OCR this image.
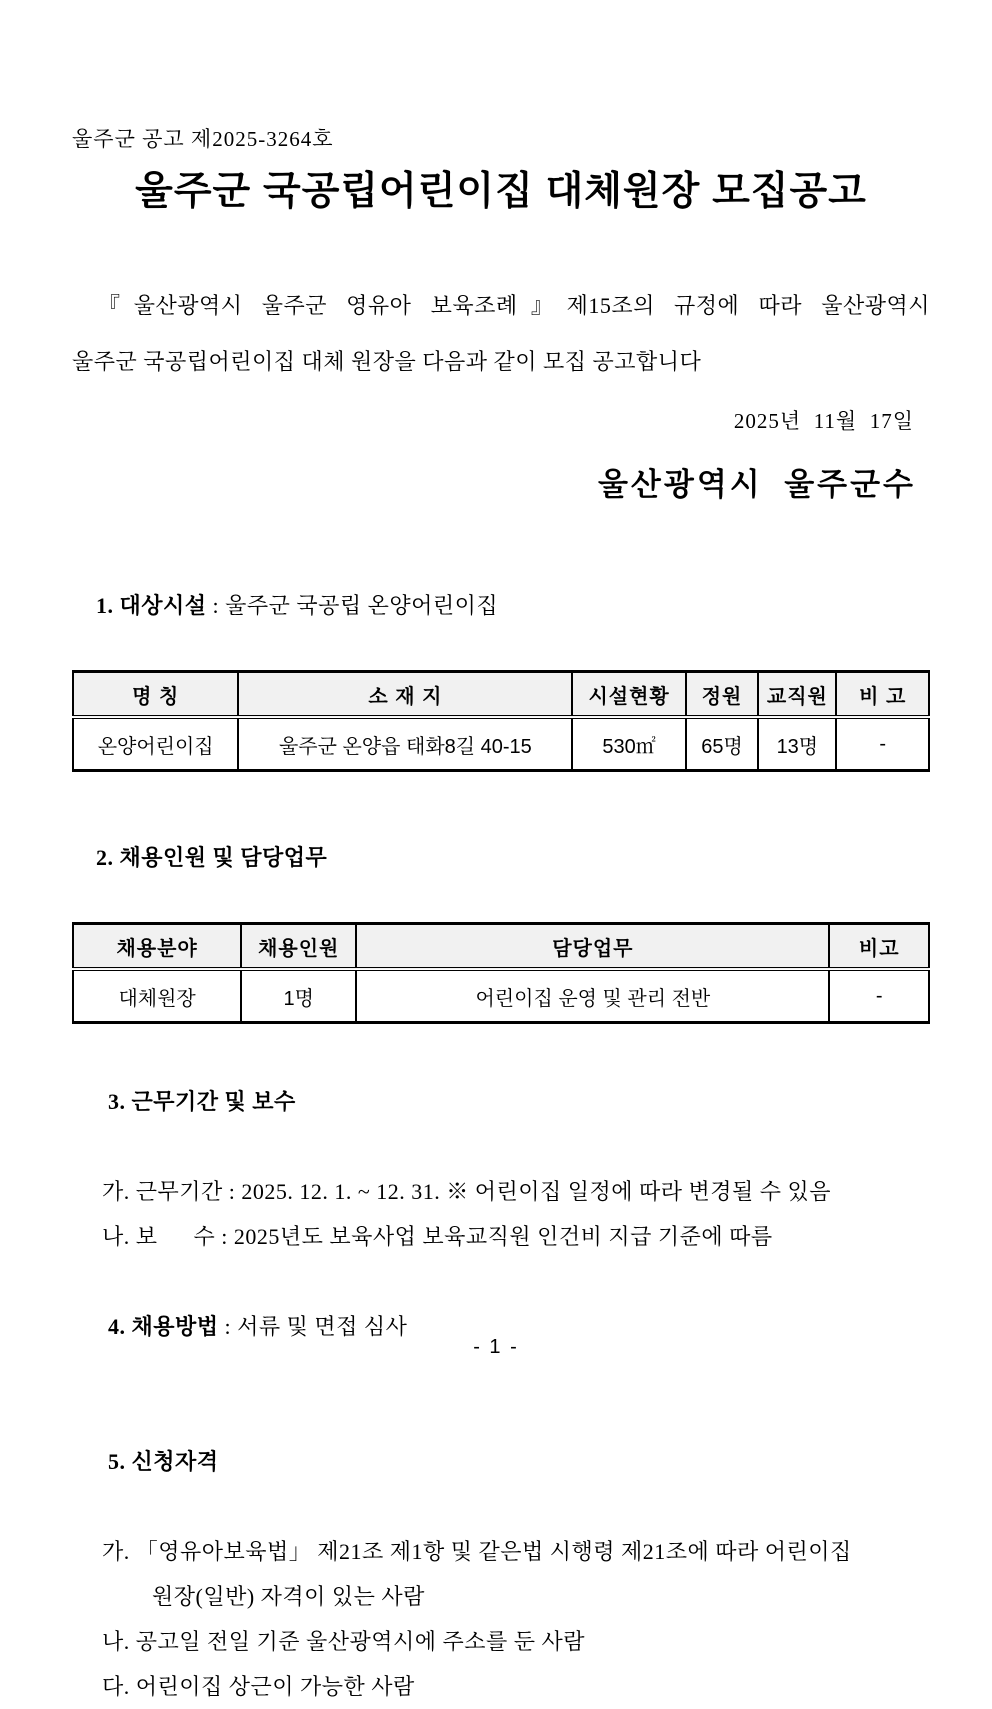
울주군 공고 제2025-3264호
울주군 국공립어린이집 대체원장 모집공고
『울산광역시 울주군 영유아 보육조례』제15조의 규정에 따라 울산광역시
울주군 국공립어린이집 대체 원장을 다음과 같이 모집 공고합니다
2025년  11월  17일
울산광역시  울주군수

1. 대상시설 : 울주군 국공립 온양어린이집

명 칭	소 재 지	시설현황	정원	교직원	비 고
온양어린이집	울주군 온양읍 태화8길 40-15	530㎡	65명	13명	-

2. 채용인원 및 담당업무

채용분야	채용인원	담당업무	비고
대체원장	1명	어린이집 운영 및 관리 전반	-

3. 근무기간 및 보수

가. 근무기간 : 2025. 12. 1. ~ 12. 31. ※ 어린이집 일정에 따라 변경될 수 있음
나. 보      수 : 2025년도 보육사업 보육교직원 인건비 지급 기준에 따름

4. 채용방법 : 서류 및 면접 심사

5. 신청자격

가. 「영유아보육법」 제21조 제1항 및 같은법 시행령 제21조에 따라 어린이집
원장(일반) 자격이 있는 사람
나. 공고일 전일 기준 울산광역시에 주소를 둔 사람
다. 어린이집 상근이 가능한 사람
- 1 -
